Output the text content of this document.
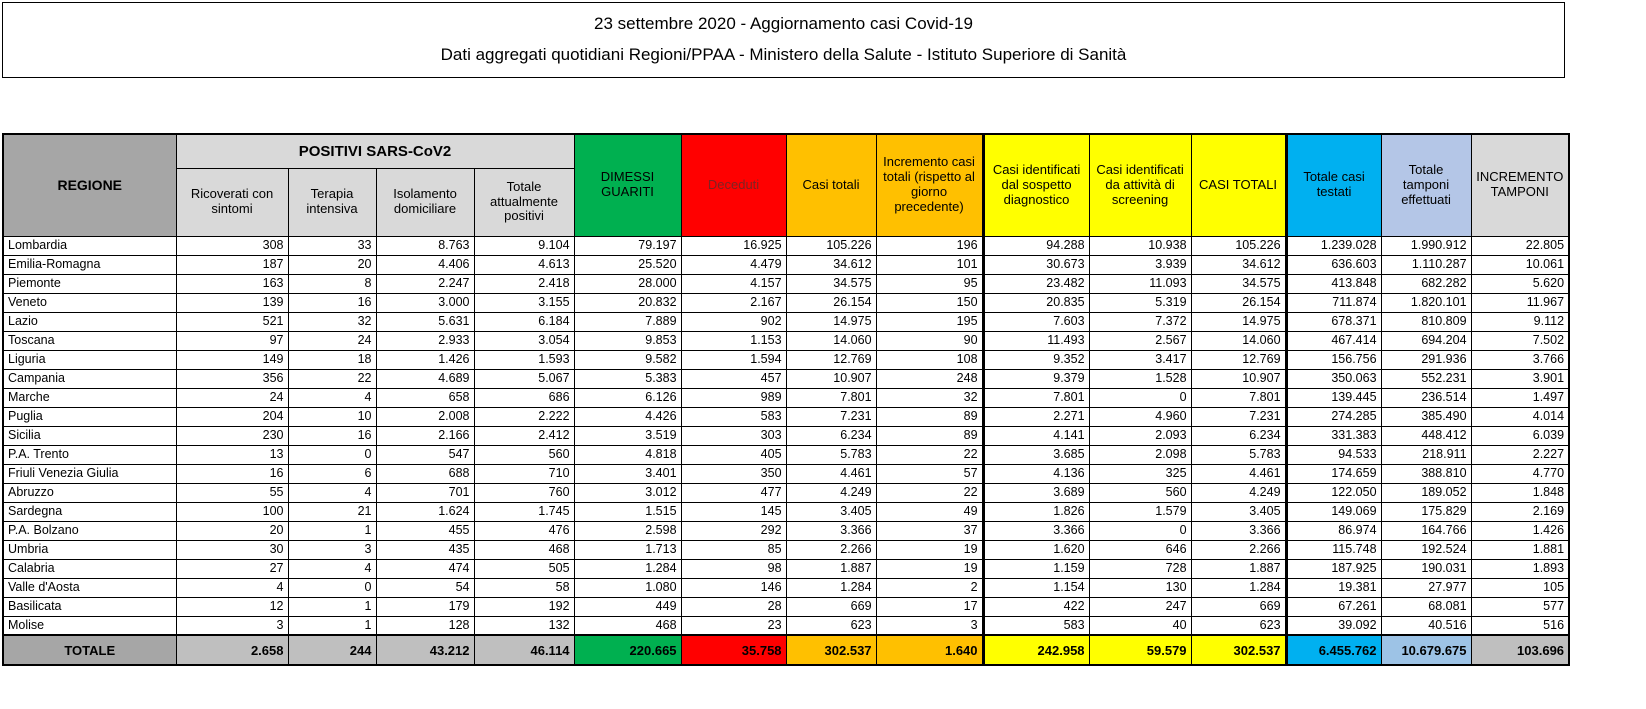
23 settembre 2020 - Aggiornamento casi Covid-19
Dati aggregati quotidiani Regioni/PPAA - Ministero della Salute - Istituto Superiore di Sanità
REGIONE	POSITIVI SARS-CoV2				DIMESSI GUARITI	Deceduti	Casi totali	Incremento casi totali (rispetto al giorno precedente)	Casi identificati dal sospetto diagnostico	Casi identificati da attività di screening	CASI TOTALI	Totale casi testati	Totale tamponi effettuati	INCREMENTO TAMPONI
	Ricoverati con sintomi	Terapia intensiva	Isolamento domiciliare	Totale attualmente positivi										
Lombardia	308	33	8.763	9.104	79.197	16.925	105.226	196	94.288	10.938	105.226	1.239.028	1.990.912	22.805
Emilia-Romagna	187	20	4.406	4.613	25.520	4.479	34.612	101	30.673	3.939	34.612	636.603	1.110.287	10.061
Piemonte	163	8	2.247	2.418	28.000	4.157	34.575	95	23.482	11.093	34.575	413.848	682.282	5.620
Veneto	139	16	3.000	3.155	20.832	2.167	26.154	150	20.835	5.319	26.154	711.874	1.820.101	11.967
Lazio	521	32	5.631	6.184	7.889	902	14.975	195	7.603	7.372	14.975	678.371	810.809	9.112
Toscana	97	24	2.933	3.054	9.853	1.153	14.060	90	11.493	2.567	14.060	467.414	694.204	7.502
Liguria	149	18	1.426	1.593	9.582	1.594	12.769	108	9.352	3.417	12.769	156.756	291.936	3.766
Campania	356	22	4.689	5.067	5.383	457	10.907	248	9.379	1.528	10.907	350.063	552.231	3.901
Marche	24	4	658	686	6.126	989	7.801	32	7.801	0	7.801	139.445	236.514	1.497
Puglia	204	10	2.008	2.222	4.426	583	7.231	89	2.271	4.960	7.231	274.285	385.490	4.014
Sicilia	230	16	2.166	2.412	3.519	303	6.234	89	4.141	2.093	6.234	331.383	448.412	6.039
P.A. Trento	13	0	547	560	4.818	405	5.783	22	3.685	2.098	5.783	94.533	218.911	2.227
Friuli Venezia Giulia	16	6	688	710	3.401	350	4.461	57	4.136	325	4.461	174.659	388.810	4.770
Abruzzo	55	4	701	760	3.012	477	4.249	22	3.689	560	4.249	122.050	189.052	1.848
Sardegna	100	21	1.624	1.745	1.515	145	3.405	49	1.826	1.579	3.405	149.069	175.829	2.169
P.A. Bolzano	20	1	455	476	2.598	292	3.366	37	3.366	0	3.366	86.974	164.766	1.426
Umbria	30	3	435	468	1.713	85	2.266	19	1.620	646	2.266	115.748	192.524	1.881
Calabria	27	4	474	505	1.284	98	1.887	19	1.159	728	1.887	187.925	190.031	1.893
Valle d'Aosta	4	0	54	58	1.080	146	1.284	2	1.154	130	1.284	19.381	27.977	105
Basilicata	12	1	179	192	449	28	669	17	422	247	669	67.261	68.081	577
Molise	3	1	128	132	468	23	623	3	583	40	623	39.092	40.516	516
TOTALE	2.658	244	43.212	46.114	220.665	35.758	302.537	1.640	242.958	59.579	302.537	6.455.762	10.679.675	103.696
